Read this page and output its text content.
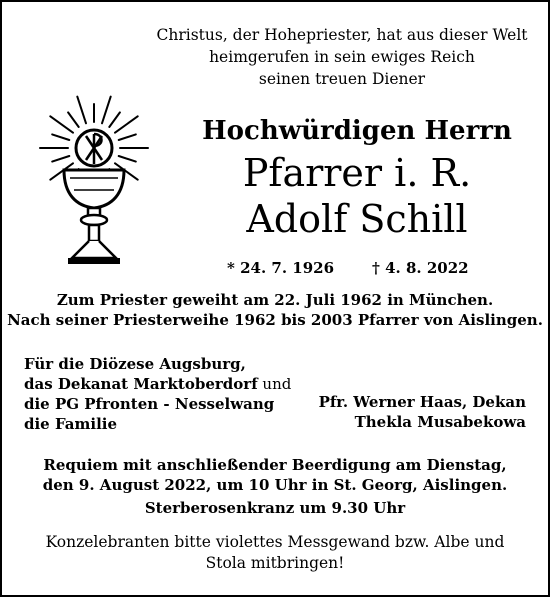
Christus, der Hohepriester, hat aus dieser Welt
heimgerufen in sein ewiges Reich
seinen treuen Diener
Hochwürdigen Herrn
Pfarrer i. R.
Adolf Schill
* 24. 7. 1926	† 4. 8. 2022
Zum Priester geweiht am 22. Juli 1962 in München.
Nach seiner Priesterweihe 1962 bis 2003 Pfarrer von Aislingen.
Für die Diözese Augsburg,
das Dekanat Marktoberdorf und
die PG Pfronten - Nesselwang
die Familie
Pfr. Werner Haas, Dekan
Thekla Musabekowa
Requiem mit anschließender Beerdigung am Dienstag,
den 9. August 2022, um 10 Uhr in St. Georg, Aislingen.
Sterberosenkranz um 9.30 Uhr
Konzelebranten bitte violettes Messgewand bzw. Albe und
Stola mitbringen!
